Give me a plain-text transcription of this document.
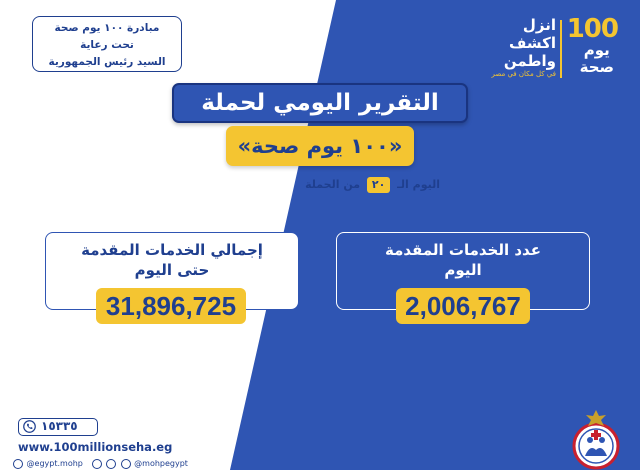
مبادرة ١٠٠ يوم صحة
تحت رعاية
السيد رئيس الجمهورية
100
يوم
صحة
انزل
اكشف
واطمن
في كل مكان في مصر
التقرير اليومي لحملة
«١٠٠ يوم صحة»
اليوم الـ ٢٠ من الحملة    ٢٠ أغسطس ٢٠٢٤
عدد الخدمات المقدمة
اليوم
2,006,767
إجمالي الخدمات المقدمة
حتى اليوم
31,896,725
١٥٣٣٥
www.100millionseha.eg
@egypt.mohp	@mohpegypt
